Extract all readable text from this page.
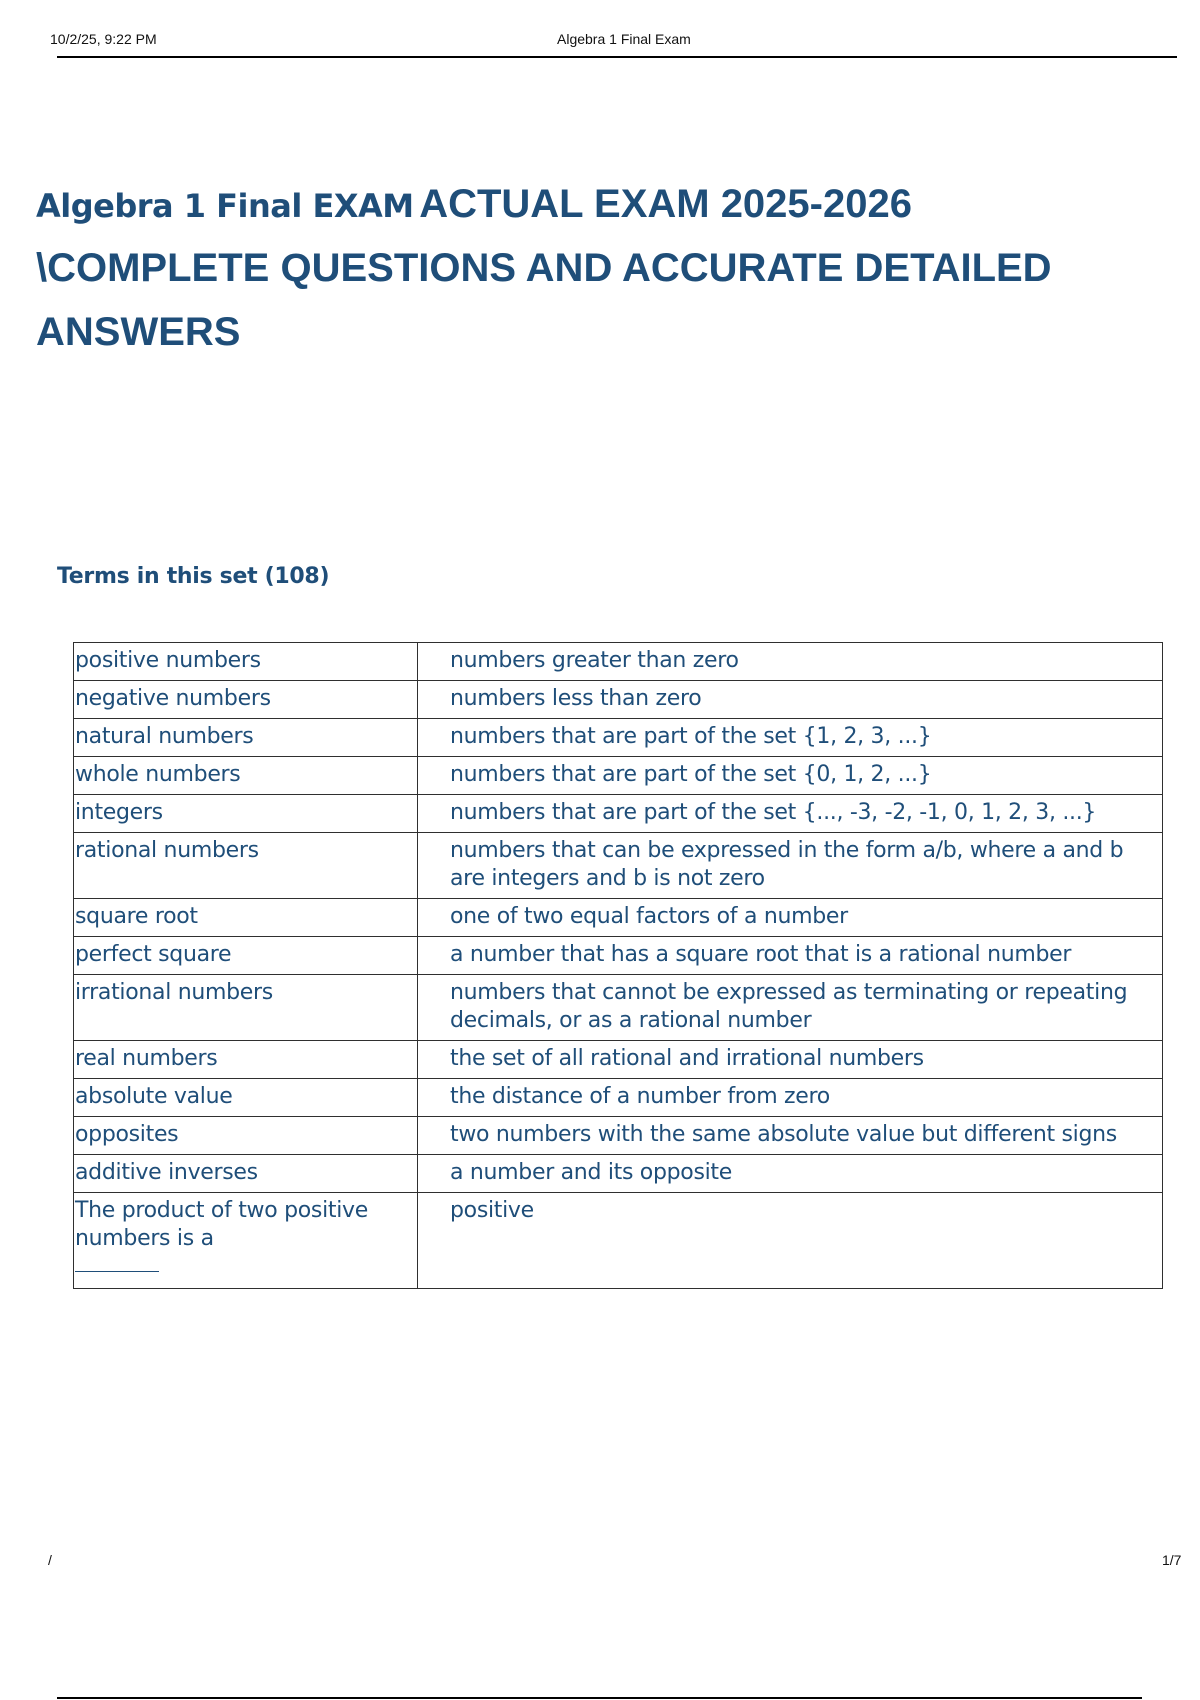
10/2/25, 9:22 PM	Algebra 1 Final Exam
Algebra 1 Final EXAM ACTUAL EXAM 2025-2026
\COMPLETE QUESTIONS AND ACCURATE DETAILED
ANSWERS
Terms in this set (108)
positive numbers	numbers greater than zero
negative numbers	numbers less than zero
natural numbers	numbers that are part of the set {1, 2, 3, ...}
whole numbers	numbers that are part of the set {0, 1, 2, ...}
integers	numbers that are part of the set {..., -3, -2, -1, 0, 1, 2, 3, ...}
rational numbers	numbers that can be expressed in the form a/b, where a and b are integers and b is not zero
square root	one of two equal factors of a number
perfect square	a number that has a square root that is a rational number
irrational numbers	numbers that cannot be expressed as terminating or repeating decimals, or as a rational number
real numbers	the set of all rational and irrational numbers
absolute value	the distance of a number from zero
opposites	two numbers with the same absolute value but different signs
additive inverses	a number and its opposite
The product of two positive numbers is a	positive
/	1/7
